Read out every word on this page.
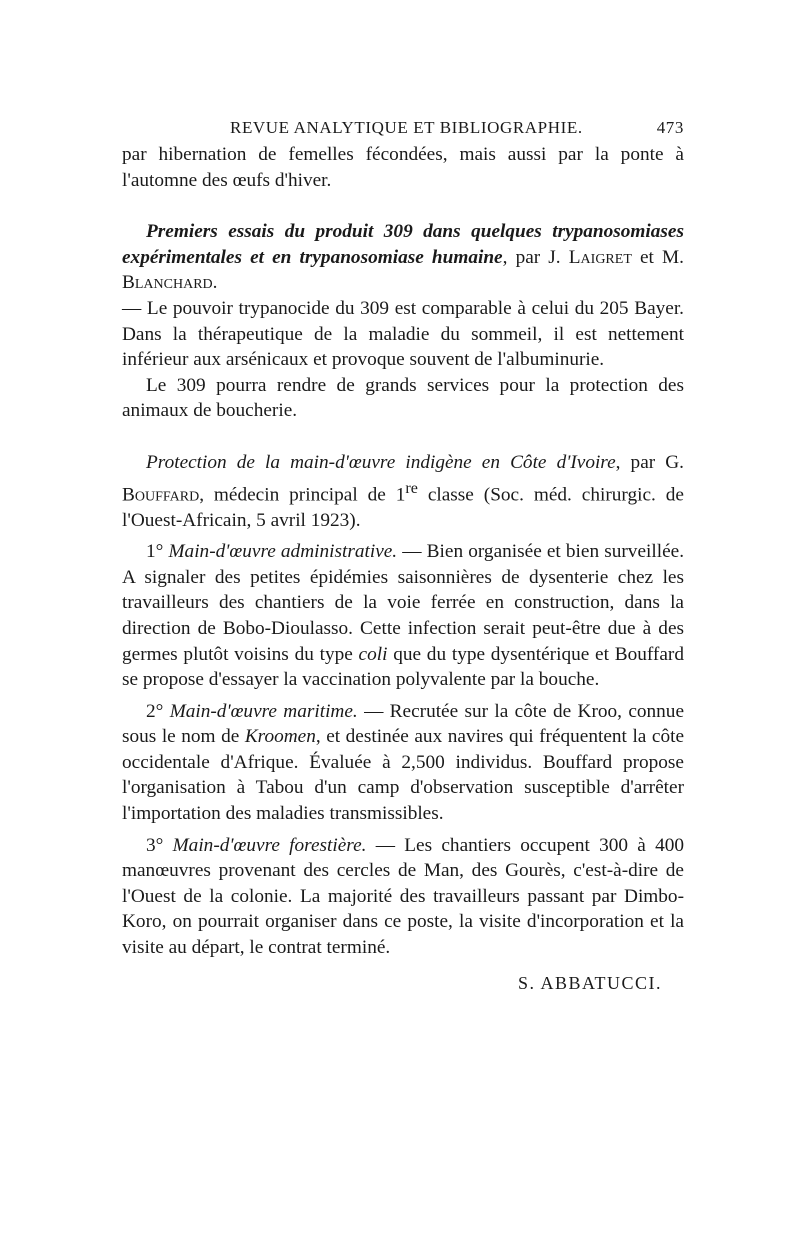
REVUE ANALYTIQUE ET BIBLIOGRAPHIE.	473

par hibernation de femelles fécondées, mais aussi par la ponte à l'automne des œufs d'hiver.

Premiers essais du produit 309 dans quelques trypanosomiases expérimentales et en trypanosomiase humaine, par J. Laigret et M. Blanchard.
— Le pouvoir trypanocide du 309 est comparable à celui du 205 Bayer. Dans la thérapeutique de la maladie du sommeil, il est nettement inférieur aux arsénicaux et provoque souvent de l'albuminurie.

Le 309 pourra rendre de grands services pour la protection des animaux de boucherie.

Protection de la main-d'œuvre indigène en Côte d'Ivoire, par G. Bouffard, médecin principal de 1re classe (Soc. méd. chirurgic. de l'Ouest-Africain, 5 avril 1923).

1° Main-d'œuvre administrative. — Bien organisée et bien surveillée. A signaler des petites épidémies saisonnières de dysenterie chez les travailleurs des chantiers de la voie ferrée en construction, dans la direction de Bobo-Dioulasso. Cette infection serait peut-être due à des germes plutôt voisins du type coli que du type dysentérique et Bouffard se propose d'essayer la vaccination polyvalente par la bouche.

2° Main-d'œuvre maritime. — Recrutée sur la côte de Kroo, connue sous le nom de Kroomen, et destinée aux navires qui fréquentent la côte occidentale d'Afrique. Évaluée à 2,500 individus. Bouffard propose l'organisation à Tabou d'un camp d'observation susceptible d'arrêter l'importation des maladies transmissibles.

3° Main-d'œuvre forestière. — Les chantiers occupent 300 à 400 manœuvres provenant des cercles de Man, des Gourès, c'est-à-dire de l'Ouest de la colonie. La majorité des travailleurs passant par Dimbo-Koro, on pourrait organiser dans ce poste, la visite d'incorporation et la visite au départ, le contrat terminé.

S. ABBATUCCI.
